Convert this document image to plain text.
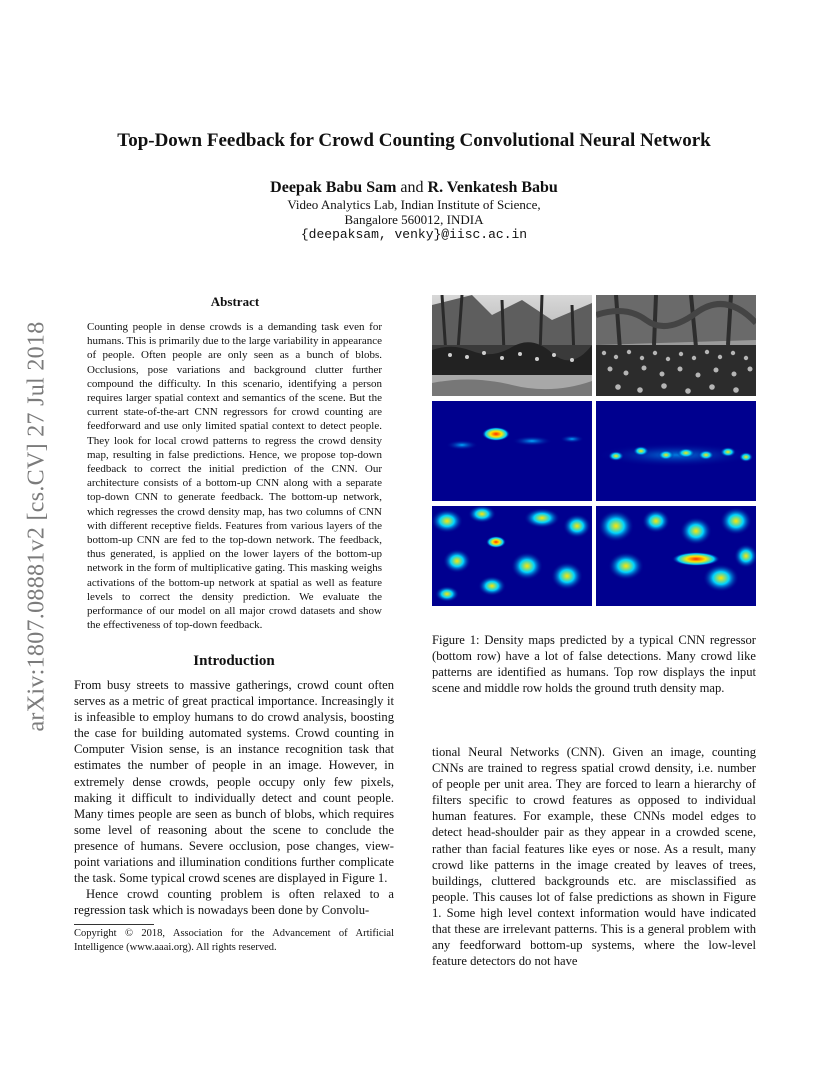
arXiv:1807.08881v2 [cs.CV] 27 Jul 2018
Top-Down Feedback for Crowd Counting Convolutional Neural Network
Deepak Babu Sam and R. Venkatesh Babu
Video Analytics Lab, Indian Institute of Science,
Bangalore 560012, INDIA
{deepaksam, venky}@iisc.ac.in
Abstract

Counting people in dense crowds is a demanding task even for humans. This is primarily due to the large variability in appearance of people. Often people are only seen as a bunch of blobs. Occlusions, pose variations and background clutter further compound the difficulty. In this scenario, identifying a person requires larger spatial context and semantics of the scene. But the current state-of-the-art CNN regressors for crowd counting are feedforward and use only limited spatial context to detect people. They look for local crowd patterns to regress the crowd density map, resulting in false predictions. Hence, we propose top-down feedback to correct the initial prediction of the CNN. Our architecture consists of a bottom-up CNN along with a separate top-down CNN to generate feedback. The bottom-up network, which regresses the crowd density map, has two columns of CNN with different receptive fields. Features from various layers of the bottom-up CNN are fed to the top-down network. The feedback, thus generated, is applied on the lower layers of the bottom-up network in the form of multiplicative gating. This masking weighs activations of the bottom-up network at spatial as well as feature levels to correct the density prediction. We evaluate the performance of our model on all major crowd datasets and show the effectiveness of top-down feedback.

Introduction

From busy streets to massive gatherings, crowd count often serves as a metric of great practical importance. Increasingly it is infeasible to employ humans to do crowd analysis, boosting the case for building automated systems. Crowd counting in Computer Vision sense, is an instance recognition task that estimates the number of people in an image. However, in extremely dense crowds, people occupy only few pixels, making it difficult to individually detect and count people. Many times people are seen as bunch of blobs, which requires some level of reasoning about the scene to conclude the presence of humans. Severe occlusion, pose changes, view-point variations and illumination conditions further complicate the task. Some typical crowd scenes are displayed in Figure 1.

Hence crowd counting problem is often relaxed to a regression task which is nowadays been done by Convolu-

Copyright © 2018, Association for the Advancement of Artificial Intelligence (www.aaai.org). All rights reserved.

Figure 1: Density maps predicted by a typical CNN regressor (bottom row) have a lot of false detections. Many crowd like patterns are identified as humans. Top row displays the input scene and middle row holds the ground truth density map.

tional Neural Networks (CNN). Given an image, counting CNNs are trained to regress spatial crowd density, i.e. number of people per unit area. They are forced to learn a hierarchy of filters specific to crowd features as opposed to individual human features. For example, these CNNs model edges to detect head-shoulder pair as they appear in a crowded scene, rather than facial features like eyes or nose. As a result, many crowd like patterns in the image created by leaves of trees, buildings, cluttered backgrounds etc. are misclassified as people. This causes lot of false predictions as shown in Figure 1. Some high level context information would have indicated that these are irrelevant patterns. This is a general problem with any feedforward bottom-up systems, where the low-level feature detectors do not have
